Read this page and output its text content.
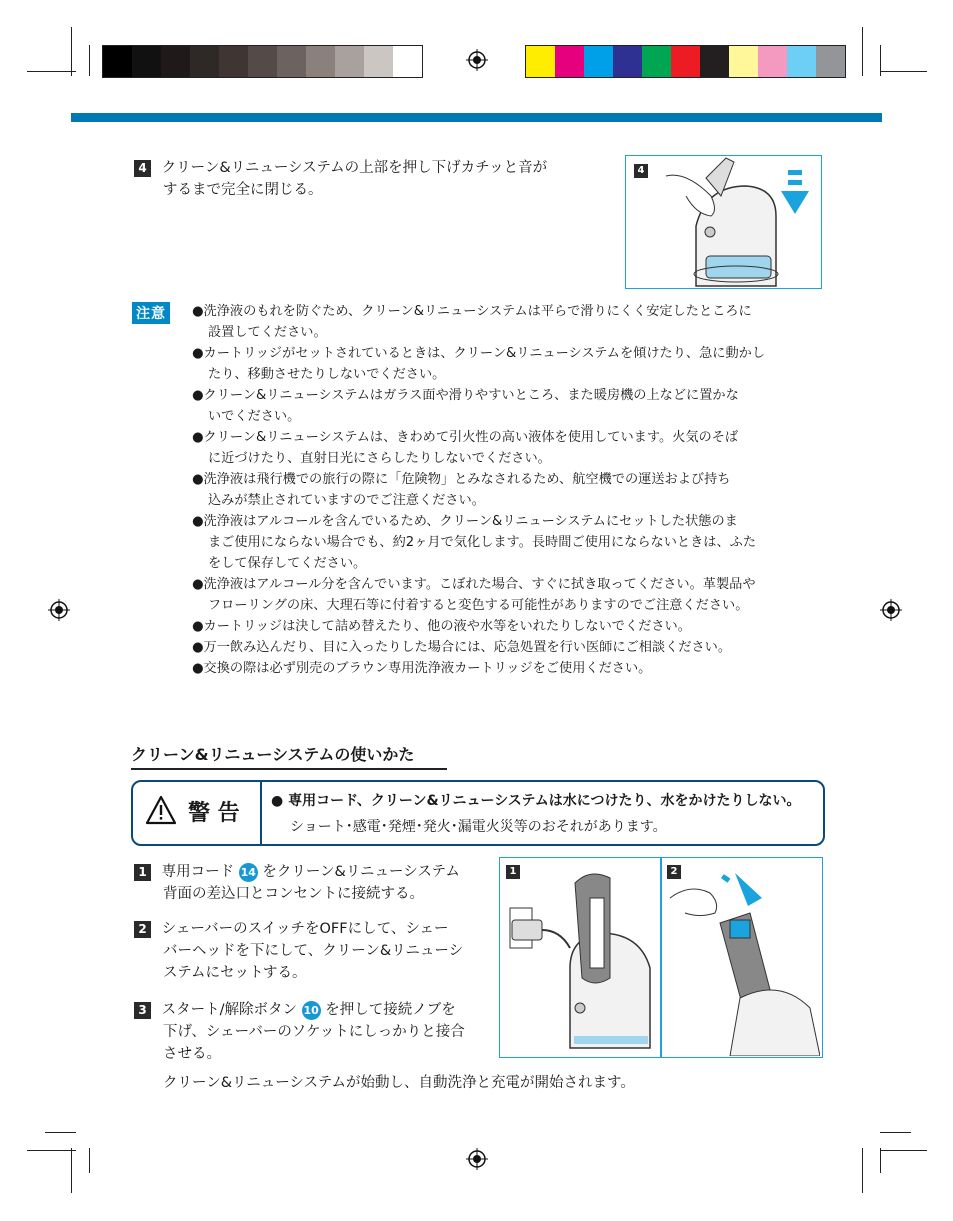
4 クリーン&リニューシステムの上部を押し下げカチッと音が
するまで完全に閉じる。
4
注意	●洗浄液のもれを防ぐため、クリーン&リニューシステムは平らで滑りにくく安定したところに
設置してください。
●カートリッジがセットされているときは、クリーン&リニューシステムを傾けたり、急に動かし
たり、移動させたりしないでください。
●クリーン&リニューシステムはガラス面や滑りやすいところ、また暖房機の上などに置かな
いでください。
●クリーン&リニューシステムは、きわめて引火性の高い液体を使用しています。火気のそば
に近づけたり、直射日光にさらしたりしないでください。
●洗浄液は飛行機での旅行の際に「危険物」とみなされるため、航空機での運送および持ち
込みが禁止されていますのでご注意ください。
●洗浄液はアルコールを含んでいるため、クリーン&リニューシステムにセットした状態のま
まご使用にならない場合でも、約2ヶ月で気化します。長時間ご使用にならないときは、ふた
をして保存してください。
●洗浄液はアルコール分を含んでいます。こぼれた場合、すぐに拭き取ってください。革製品や
フローリングの床、大理石等に付着すると変色する可能性がありますのでご注意ください。
●カートリッジは決して詰め替えたり、他の液や水等をいれたりしないでください。
●万一飲み込んだり、目に入ったりした場合には、応急処置を行い医師にご相談ください。
●交換の際は必ず別売のブラウン専用洗浄液カートリッジをご使用ください。
クリーン&リニューシステムの使いかた
警 告 ● 専用コード、クリーン&リニューシステムは水につけたり、水をかけたりしない。
ショート･感電･発煙･発火･漏電火災等のおそれがあります。
1 専用コード 14 をクリーン&リニューシステム
背面の差込口とコンセントに接続する。
2 シェーバーのスイッチをOFFにして、シェー
バーヘッドを下にして、クリーン&リニューシ
ステムにセットする。
3 スタート/解除ボタン 10 を押して接続ノブを
下げ、シェーバーのソケットにしっかりと接合
させる。
クリーン&リニューシステムが始動し、自動洗浄と充電が開始されます。
1	2
